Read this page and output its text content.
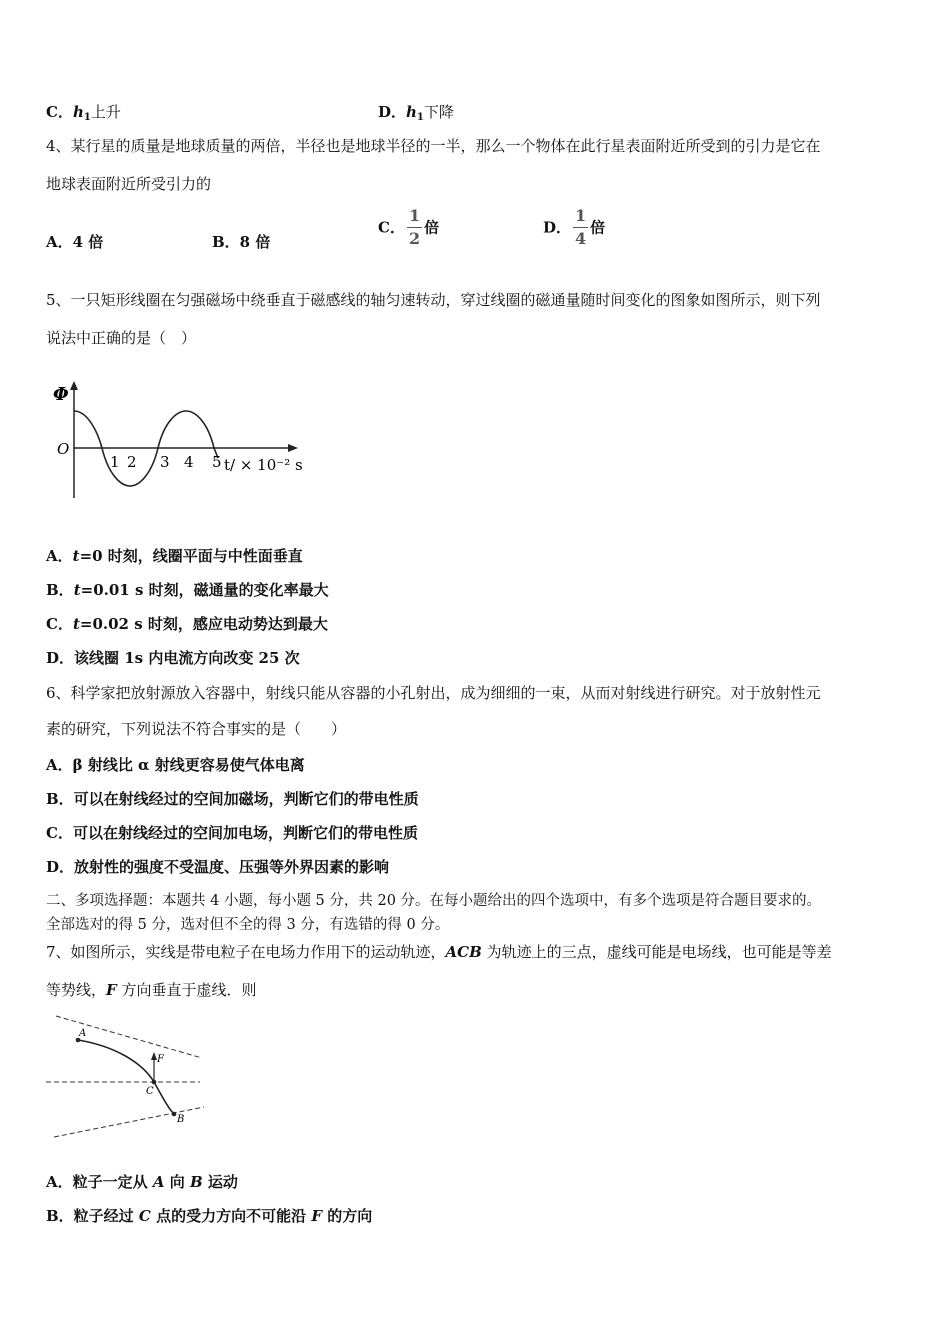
C．$h_1$上升	D．$h_1$下降
4、某行星的质量是地球质量的两倍，半径也是地球半径的一半，那么一个物体在此行星表面附近所受到的引力是它在
地球表面附近所受引力的
A．4 倍	B．8 倍
C． $\frac{1}{2}$ 倍	D． $\frac{1}{4}$ 倍
5、一只矩形线圈在匀强磁场中绕垂直于磁感线的轴匀速转动，穿过线圈的磁通量随时间变化的图象如图所示，则下列
说法中正确的是（　）
Φ
O
1 2 3 4 5 t/ × 10⁻² s
A．t=0 时刻，线圈平面与中性面垂直
B．t=0.01 s 时刻，磁通量的变化率最大
C．t=0.02 s 时刻，感应电动势达到最大
D．该线圈 1s 内电流方向改变 25 次
6、科学家把放射源放入容器中，射线只能从容器的小孔射出，成为细细的一束，从而对射线进行研究。对于放射性元
素的研究，下列说法不符合事实的是（　　）
A．β 射线比 α 射线更容易使气体电离
B．可以在射线经过的空间加磁场，判断它们的带电性质
C．可以在射线经过的空间加电场，判断它们的带电性质
D．放射性的强度不受温度、压强等外界因素的影响
二、多项选择题：本题共 4 小题，每小题 5 分，共 20 分。在每小题给出的四个选项中，有多个选项是符合题目要求的。
全部选对的得 5 分，选对但不全的得 3 分，有选错的得 0 分。
7、如图所示，实线是带电粒子在电场力作用下的运动轨迹，ACB 为轨迹上的三点，虚线可能是电场线，也可能是等差
等势线，F 方向垂直于虚线．则
A
F
C
B
A．粒子一定从 A 向 B 运动
B．粒子经过 C 点的受力方向不可能沿 F 的方向
